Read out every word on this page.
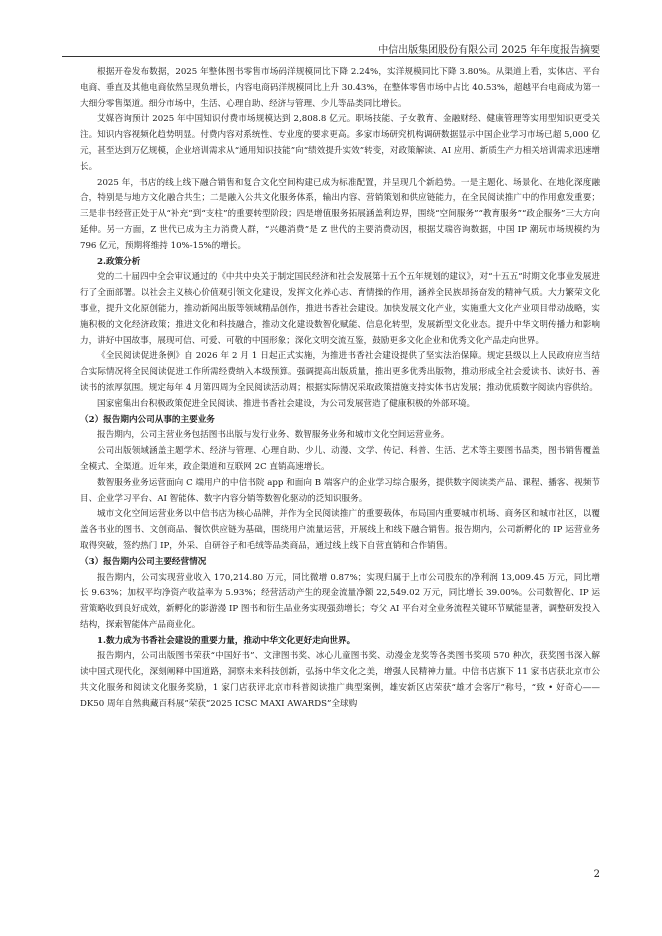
中信出版集团股份有限公司 2025 年年度报告摘要

根据开卷发布数据，2025 年整体图书零售市场码洋规模同比下降 2.24%，实洋规模同比下降 3.80%。从渠道上看，实体店、平台电商、垂直及其他电商依然呈现负增长，内容电商码洋规模同比上升 30.43%，在整体零售市场中占比 40.53%，超越平台电商成为第一大细分零售渠道。细分市场中，生活、心理自助、经济与管理、少儿等品类同比增长。

艾媒咨询预计 2025 年中国知识付费市场规模达到 2,808.8 亿元。职场技能、子女教育、金融财经、健康管理等实用型知识更受关注。知识内容视频化趋势明显。付费内容对系统性、专业度的要求更高。多家市场研究机构调研数据显示中国企业学习市场已超 5,000 亿元，甚至达到万亿规模，企业培训需求从“通用知识技能”向“绩效提升实效”转变，对政策解读、AI 应用、新质生产力相关培训需求迅速增长。

2025 年，书店的线上线下融合销售和复合文化空间构建已成为标准配置，并呈现几个新趋势。一是主题化、场景化、在地化深度融合，特别是与地方文化融合共生；二是融入公共文化服务体系，输出内容、营销策划和供应链能力，在全民阅读推广中的作用愈发重要；三是非书经营正处于从“补充”到“支柱”的重要转型阶段；四是增值服务拓展涵盖利边界，围绕“空间服务”“教育服务”“政企服务”三大方向延伸。另一方面，Z 世代已成为主力消费人群，“兴趣消费”是 Z 世代的主要消费动因，根据艾瑞咨询数据，中国 IP 潮玩市场规模约为 796 亿元，预期将维持 10%-15%的增长。

2.政策分析

党的二十届四中全会审议通过的《中共中央关于制定国民经济和社会发展第十五个五年规划的建议》，对“十五五”时期文化事业发展进行了全面部署。以社会主义核心价值观引领文化建设，发挥文化养心志、育情操的作用，涵养全民族昂扬奋发的精神气质。大力繁荣文化事业，提升文化原创能力，推动新闻出版等领域精品创作，推进书香社会建设。加快发展文化产业，实施重大文化产业项目带动战略，实施积极的文化经济政策；推进文化和科技融合，推动文化建设数智化赋能、信息化转型，发展新型文化业态。提升中华文明传播力和影响力，讲好中国故事，展现可信、可爱、可敬的中国形象；深化文明交流互鉴，鼓励更多文化企业和优秀文化产品走向世界。

《全民阅读促进条例》自 2026 年 2 月 1 日起正式实施，为推进书香社会建设提供了坚实法治保障。规定县级以上人民政府应当结合实际情况将全民阅读促进工作所需经费纳入本级预算。强调提高出版质量，推出更多优秀出版物，推动形成全社会爱读书、读好书、善读书的浓厚氛围。规定每年 4 月第四周为全民阅读活动周；根据实际情况采取政策措施支持实体书店发展；推动优质数字阅读内容供给。

国家密集出台积极政策促进全民阅读、推进书香社会建设，为公司发展营造了健康积极的外部环境。

（2）报告期内公司从事的主要业务

报告期内，公司主营业务包括图书出版与发行业务、数智服务业务和城市文化空间运营业务。

公司出版领域涵盖主题学术、经济与管理、心理自助、少儿、动漫、文学、传记、科普、生活、艺术等主要图书品类，图书销售覆盖全模式、全渠道。近年来，政企渠道和互联网 2C 直销高速增长。

数智服务业务运营面向 C 端用户的中信书院 app 和面向 B 端客户的企业学习综合服务，提供数字阅读类产品、课程、播客、视频节目、企业学习平台、AI 智能体、数字内容分销等数智化驱动的泛知识服务。

城市文化空间运营业务以中信书店为核心品牌，并作为全民阅读推广的重要载体，布局国内重要城市机场、商务区和城市社区，以覆盖各书业的图书、文创商品、餐饮供应链为基础，围绕用户流量运营，开展线上和线下融合销售。报告期内，公司新孵化的 IP 运营业务取得突破，签约热门 IP，外采、自研谷子和毛绒等品类商品，通过线上线下自营直销和合作销售。

（3）报告期内公司主要经营情况

报告期内，公司实现营业收入 170,214.80 万元，同比微增 0.87%；实现归属于上市公司股东的净利润 13,009.45 万元，同比增长 9.63%；加权平均净资产收益率为 5.93%；经营活动产生的现金流量净额 22,549.02 万元，同比增长 39.00%。公司数智化、IP 运营策略收到良好成效，新孵化的影游漫 IP 图书和衍生品业务实现强劲增长；夸父 AI 平台对全业务流程关键环节赋能显著，调整研发投入结构，探索智能体产品商业化。

1.数力成为书香社会建设的重要力量，推动中华文化更好走向世界。

报告期内，公司出版图书荣获“中国好书”、文津图书奖、冰心儿童图书奖、动漫金龙奖等各类图书奖项 570 种次，获奖图书深入解读中国式现代化，深刻阐释中国道路，洞察未来科技创新，弘扬中华文化之美，增强人民精神力量。中信书店旗下 11 家书店获北京市公共文化服务和阅读文化服务奖励，1 家门店获评北京市科普阅读推广典型案例，雄安新区店荣获“雄才会客厅”称号，“致 • 好奇心——DK50 周年自然典藏百科展”荣获“2025 ICSC MAXI AWARDS”全球购

2
